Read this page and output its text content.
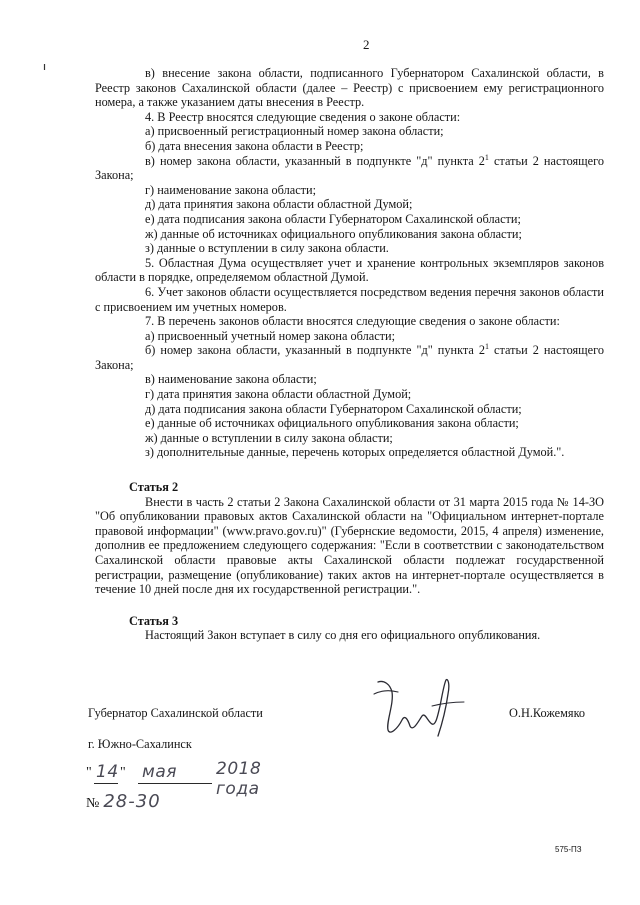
2

в) внесение закона области, подписанного Губернатором Сахалинской области, в Реестр законов Сахалинской области (далее – Реестр) с присвоением ему регистрационного номера, а также указанием даты внесения в Реестр.

4. В Реестр вносятся следующие сведения о законе области:

а) присвоенный регистрационный номер закона области;

б) дата внесения закона области в Реестр;

в) номер закона области, указанный в подпункте "д" пункта $2^1$ статьи 2 настоящего Закона;

г) наименование закона области;

д) дата принятия закона области областной Думой;

е) дата подписания закона области Губернатором Сахалинской области;

ж) данные об источниках официального опубликования закона области;

з) данные о вступлении в силу закона области.

5. Областная Дума осуществляет учет и хранение контрольных экземпляров законов области в порядке, определяемом областной Думой.

6. Учет законов области осуществляется посредством ведения перечня законов области с присвоением им учетных номеров.

7. В перечень законов области вносятся следующие сведения о законе области:

а) присвоенный учетный номер закона области;

б) номер закона области, указанный в подпункте "д" пункта $2^1$ статьи 2 настоящего Закона;

в) наименование закона области;

г) дата принятия закона области областной Думой;

д) дата подписания закона области Губернатором Сахалинской области;

е) данные об источниках официального опубликования закона области;

ж) данные о вступлении в силу закона области;

з) дополнительные данные, перечень которых определяется областной Думой.".

Статья 2

Внести в часть 2 статьи 2 Закона Сахалинской области от 31 марта 2015 года № 14-ЗО "Об опубликовании правовых актов Сахалинской области на "Официальном интернет-портале правовой информации" (www.pravo.gov.ru)" (Губернские ведомости, 2015, 4 апреля) изменение, дополнив ее предложением следующего содержания: "Если в соответствии с законодательством Сахалинской области правовые акты Сахалинской области подлежат государственной регистрации, размещение (опубликование) таких актов на интернет-портале осуществляется в течение 10 дней после дня их государственной регистрации.".

Статья 3

Настоящий Закон вступает в силу со дня его официального опубликования.

Губернатор Сахалинской области	О.Н.Кожемяко
г. Южно-Сахалинск
" 14 " мая 2018 года
№ 28-30
575-ПЗ
